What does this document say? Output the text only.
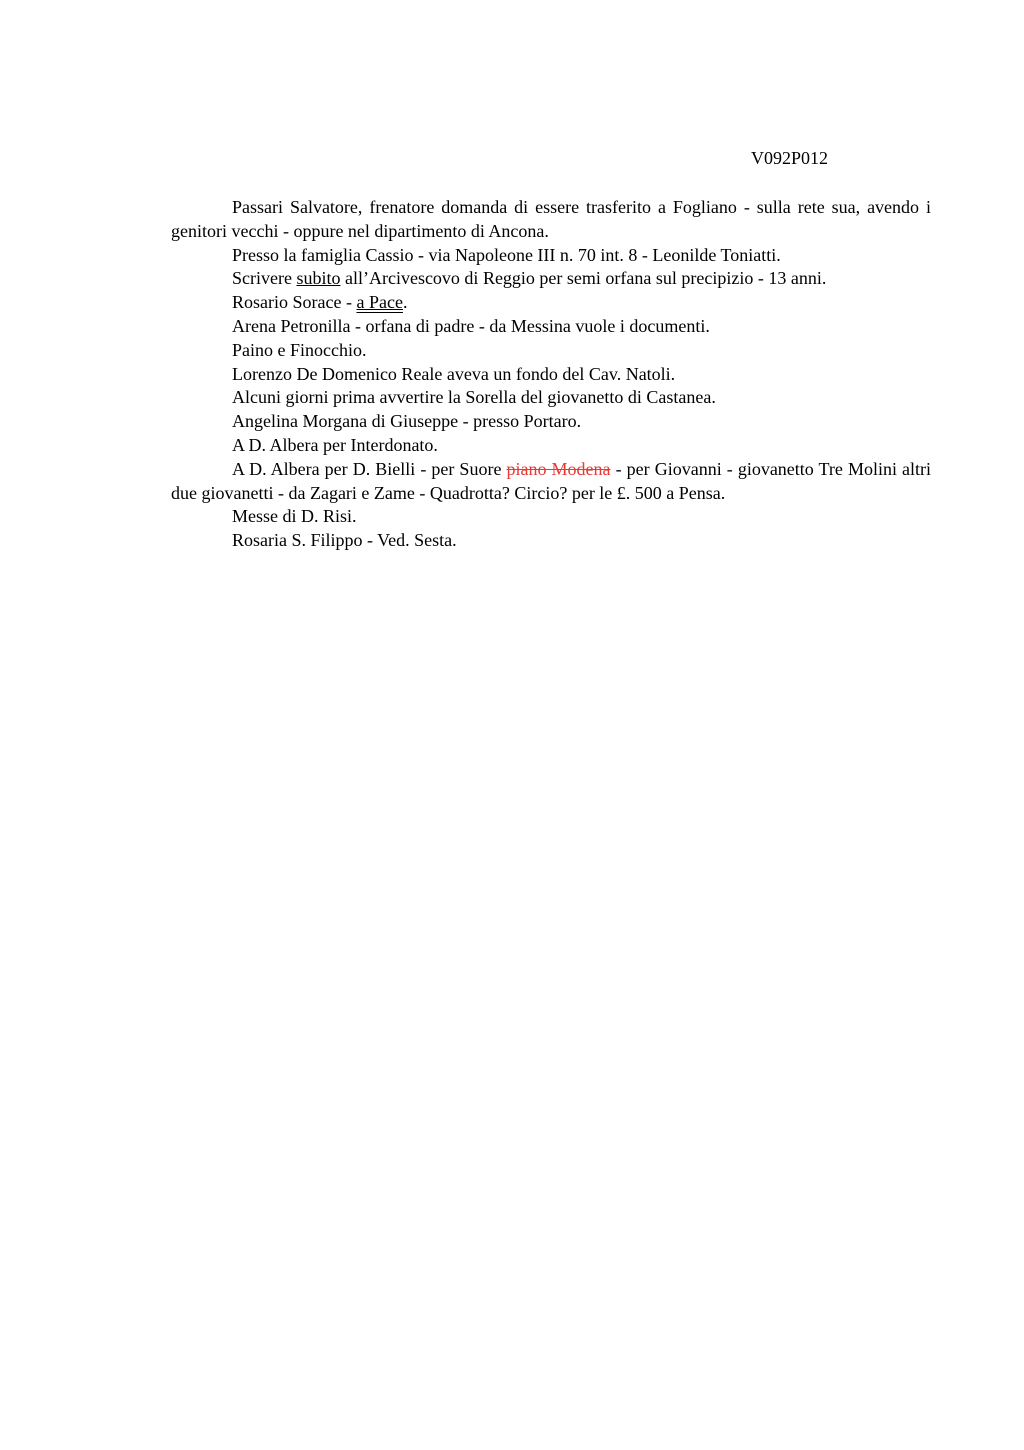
V092P012

Passari Salvatore, frenatore domanda di essere trasferito a Fogliano - sulla rete sua, avendo i genitori vecchi - oppure nel dipartimento di Ancona.

Presso la famiglia Cassio - via Napoleone III n. 70 int. 8 - Leonilde Toniatti.

Scrivere subito all’Arcivescovo di Reggio per semi orfana sul precipizio - 13 anni.

Rosario Sorace - a Pace.

Arena Petronilla - orfana di padre - da Messina vuole i documenti.

Paino e Finocchio.

Lorenzo De Domenico Reale aveva un fondo del Cav. Natoli.

Alcuni giorni prima avvertire la Sorella del giovanetto di Castanea.

Angelina Morgana di Giuseppe - presso Portaro.

A D. Albera per Interdonato.

A D. Albera per D. Bielli - per Suore piano Modena - per Giovanni - giovanetto Tre Molini altri due giovanetti - da Zagari e Zame - Quadrotta? Circio? per le £. 500 a Pensa.

Messe di D. Risi.

Rosaria S. Filippo - Ved. Sesta.
